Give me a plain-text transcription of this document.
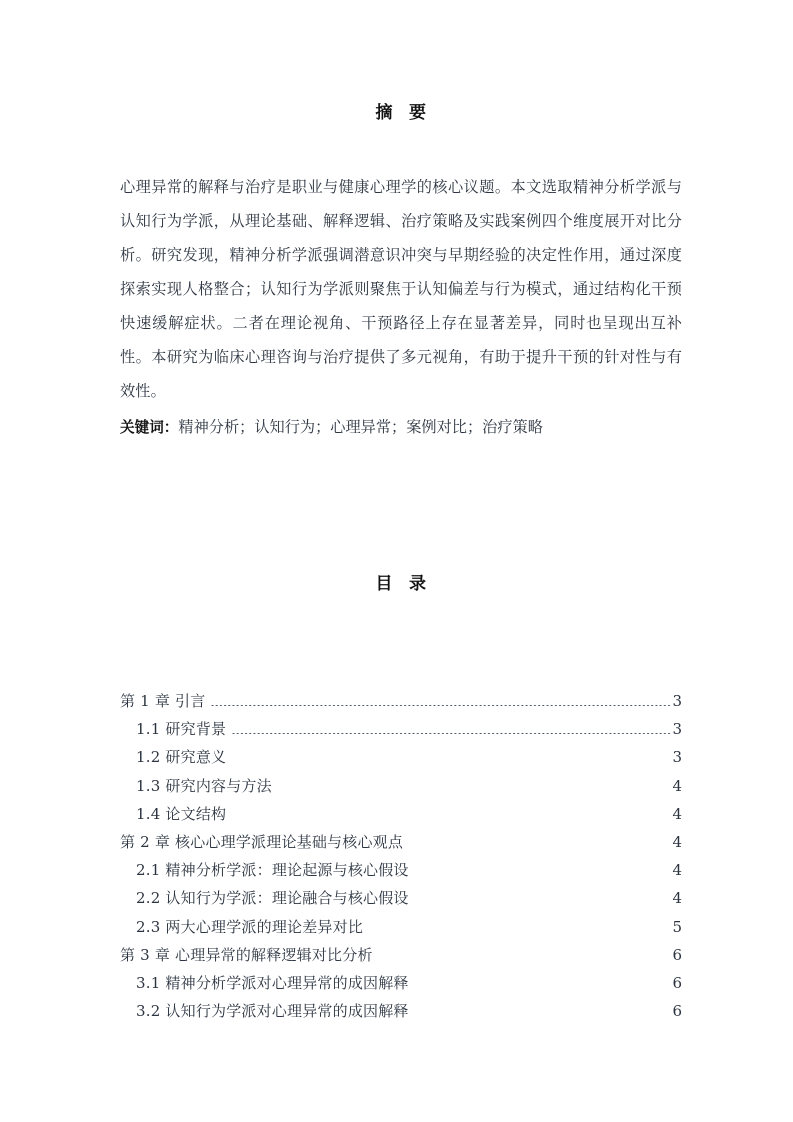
摘 要

心理异常的解释与治疗是职业与健康心理学的核心议题。本文选取精神分析学派与认知行为学派，从理论基础、解释逻辑、治疗策略及实践案例四个维度展开对比分析。研究发现，精神分析学派强调潜意识冲突与早期经验的决定性作用，通过深度探索实现人格整合；认知行为学派则聚焦于认知偏差与行为模式，通过结构化干预快速缓解症状。二者在理论视角、干预路径上存在显著差异，同时也呈现出互补性。本研究为临床心理咨询与治疗提供了多元视角，有助于提升干预的针对性与有效性。

关键词：精神分析；认知行为；心理异常；案例对比；治疗策略

目 录
第 1 章 引言	3
1.1 研究背景	3
1.2 研究意义	3
1.3 研究内容与方法	4
1.4 论文结构	4
第 2 章 核心心理学派理论基础与核心观点	4
2.1 精神分析学派：理论起源与核心假设	4
2.2 认知行为学派：理论融合与核心假设	4
2.3 两大心理学派的理论差异对比	5
第 3 章 心理异常的解释逻辑对比分析	6
3.1 精神分析学派对心理异常的成因解释	6
3.2 认知行为学派对心理异常的成因解释	6
